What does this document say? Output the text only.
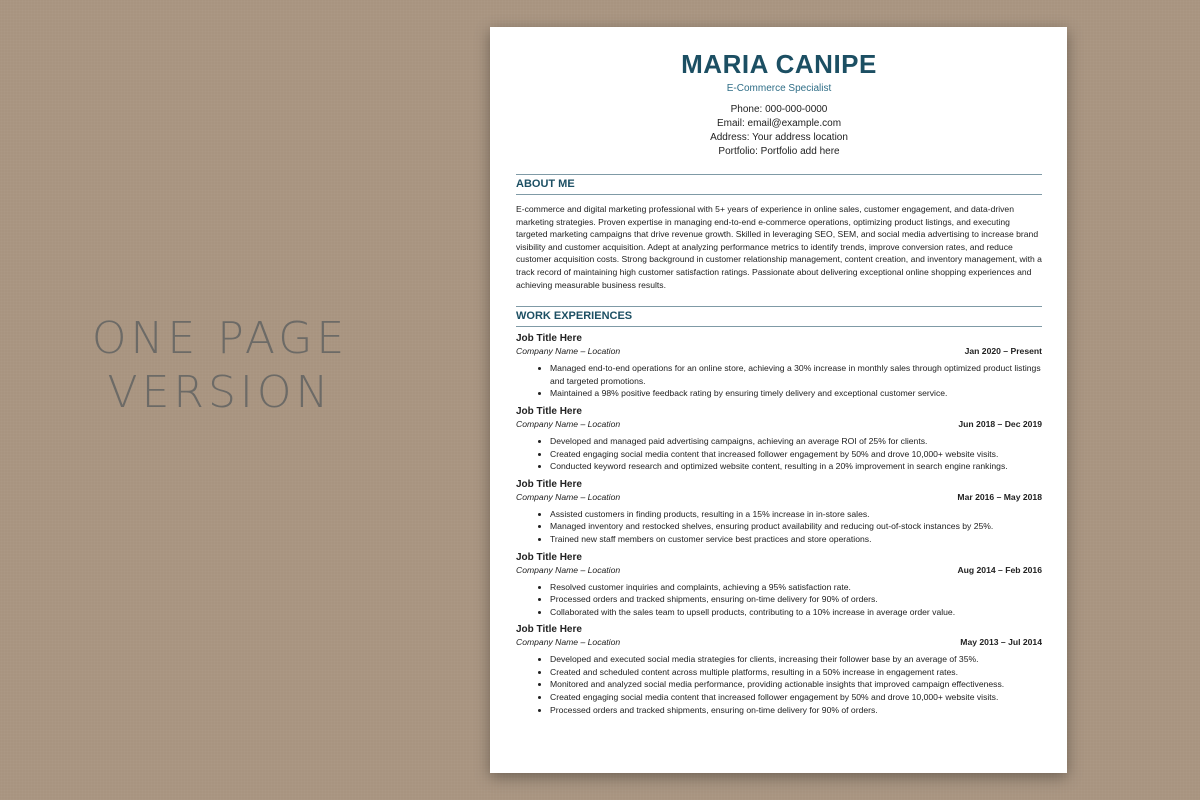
ONE PAGE
VERSION
MARIA CANIPE
E-Commerce Specialist
Phone: 000-000-0000
Email: email@example.com
Address: Your address location
Portfolio: Portfolio add here
ABOUT ME
E-commerce and digital marketing professional with 5+ years of experience in online sales, customer engagement, and data-driven marketing strategies. Proven expertise in managing end-to-end e-commerce operations, optimizing product listings, and executing targeted marketing campaigns that drive revenue growth. Skilled in leveraging SEO, SEM, and social media advertising to increase brand visibility and customer acquisition. Adept at analyzing performance metrics to identify trends, improve conversion rates, and reduce customer acquisition costs. Strong background in customer relationship management, content creation, and inventory management, with a track record of maintaining high customer satisfaction ratings. Passionate about delivering exceptional online shopping experiences and achieving measurable business results.
WORK EXPERIENCES
Job Title Here
Company Name – Location	Jan 2020 – Present
• Managed end-to-end operations for an online store, achieving a 30% increase in monthly sales through optimized product listings and targeted promotions.
• Maintained a 98% positive feedback rating by ensuring timely delivery and exceptional customer service.
Job Title Here
Company Name – Location	Jun 2018 – Dec 2019
• Developed and managed paid advertising campaigns, achieving an average ROI of 25% for clients.
• Created engaging social media content that increased follower engagement by 50% and drove 10,000+ website visits.
• Conducted keyword research and optimized website content, resulting in a 20% improvement in search engine rankings.
Job Title Here
Company Name – Location	Mar 2016 – May 2018
• Assisted customers in finding products, resulting in a 15% increase in in-store sales.
• Managed inventory and restocked shelves, ensuring product availability and reducing out-of-stock instances by 25%.
• Trained new staff members on customer service best practices and store operations.
Job Title Here
Company Name – Location	Aug 2014 – Feb 2016
• Resolved customer inquiries and complaints, achieving a 95% satisfaction rate.
• Processed orders and tracked shipments, ensuring on-time delivery for 90% of orders.
• Collaborated with the sales team to upsell products, contributing to a 10% increase in average order value.
Job Title Here
Company Name – Location	May 2013 – Jul 2014
• Developed and executed social media strategies for clients, increasing their follower base by an average of 35%.
• Created and scheduled content across multiple platforms, resulting in a 50% increase in engagement rates.
• Monitored and analyzed social media performance, providing actionable insights that improved campaign effectiveness.
• Created engaging social media content that increased follower engagement by 50% and drove 10,000+ website visits.
• Processed orders and tracked shipments, ensuring on-time delivery for 90% of orders.
